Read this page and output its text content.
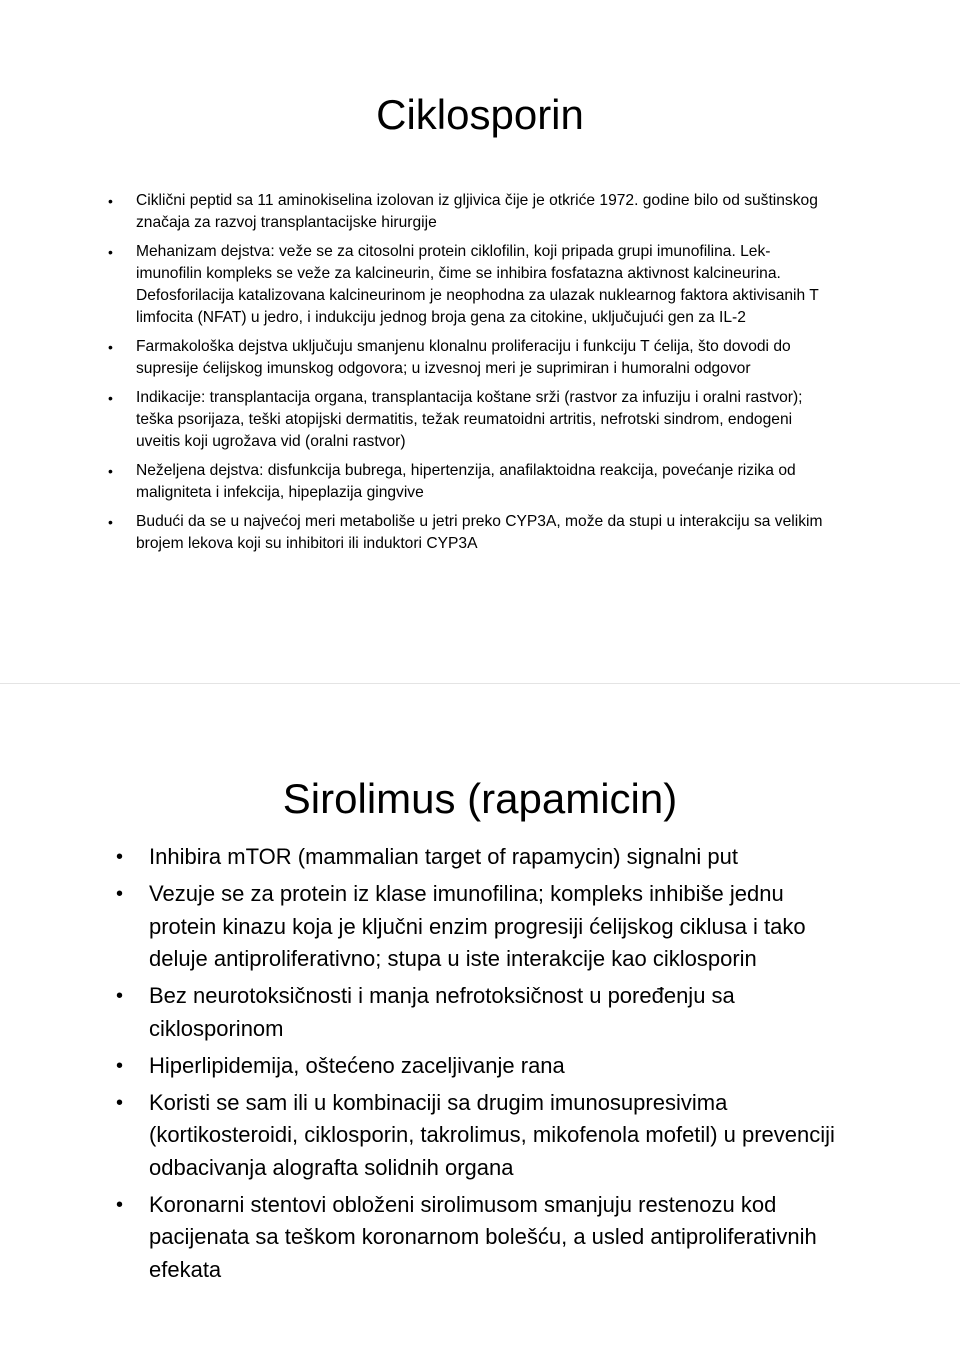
Ciklosporin
• Ciklični peptid sa 11 aminokiselina izolovan iz gljivica čije je otkriće 1972. godine bilo od suštinskog značaja za razvoj transplantacijske hirurgije
• Mehanizam dejstva: veže se za citosolni protein ciklofilin, koji pripada grupi imunofilina. Lek- imunofilin kompleks se veže za kalcineurin, čime se inhibira fosfatazna aktivnost kalcineurina. Defosforilacija katalizovana kalcineurinom je neophodna za ulazak nuklearnog faktora aktivisanih T limfocita (NFAT) u jedro, i indukciju jednog broja gena za citokine, uključujući gen za IL-2
• Farmakološka dejstva uključuju smanjenu klonalnu proliferaciju i funkciju T ćelija, što dovodi do supresije ćelijskog imunskog odgovora; u izvesnoj meri je suprimiran i humoralni odgovor
• Indikacije: transplantacija organa, transplantacija koštane srži (rastvor za infuziju i oralni rastvor); teška psorijaza, teški atopijski dermatitis, težak reumatoidni artritis, nefrotski sindrom, endogeni uveitis koji ugrožava vid (oralni rastvor)
• Neželjena dejstva: disfunkcija bubrega, hipertenzija, anafilaktoidna reakcija, povećanje rizika od maligniteta i infekcija, hipeplazija gingvive
• Budući da se u najvećoj meri metaboliše u jetri preko CYP3A, može da stupi u interakciju sa velikim brojem lekova koji su inhibitori ili induktori CYP3A
Sirolimus (rapamicin)
• Inhibira mTOR (mammalian target of rapamycin) signalni put
• Vezuje se za protein iz klase imunofilina; kompleks inhibiše jednu protein kinazu koja je ključni enzim progresiji ćelijskog ciklusa i tako deluje antiproliferativno; stupa u iste interakcije kao ciklosporin
• Bez neurotoksičnosti i manja nefrotoksičnost u poređenju sa ciklosporinom
• Hiperlipidemija, oštećeno zaceljivanje rana
• Koristi se sam ili u kombinaciji sa drugim imunosupresivima (kortikosteroidi, ciklosporin, takrolimus, mikofenola mofetil) u prevenciji odbacivanja alografta solidnih organa
• Koronarni stentovi obloženi sirolimusom smanjuju restenozu kod pacijenata sa teškom koronarnom bolešću, a usled antiproliferativnih efekata
